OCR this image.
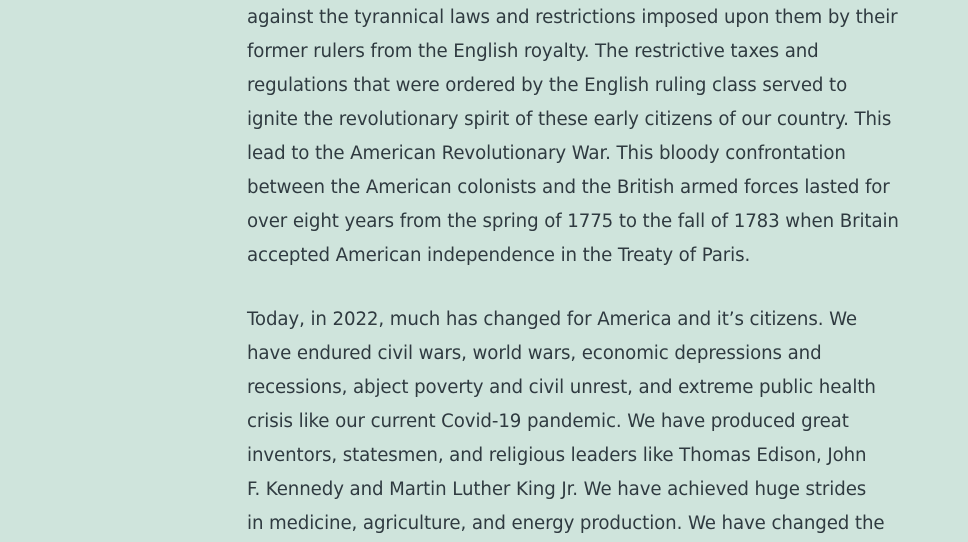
against the tyrannical laws and restrictions imposed upon them by their
former rulers from the English royalty. The restrictive taxes and
regulations that were ordered by the English ruling class served to
ignite the revolutionary spirit of these early citizens of our country. This
lead to the American Revolutionary War. This bloody confrontation
between the American colonists and the British armed forces lasted for
over eight years from the spring of 1775 to the fall of 1783 when Britain
accepted American independence in the Treaty of Paris.

Today, in 2022, much has changed for America and it’s citizens. We
have endured civil wars, world wars, economic depressions and
recessions, abject poverty and civil unrest, and extreme public health
crisis like our current Covid-19 pandemic. We have produced great
inventors, statesmen, and religious leaders like Thomas Edison, John
F. Kennedy and Martin Luther King Jr. We have achieved huge strides
in medicine, agriculture, and energy production. We have changed the
